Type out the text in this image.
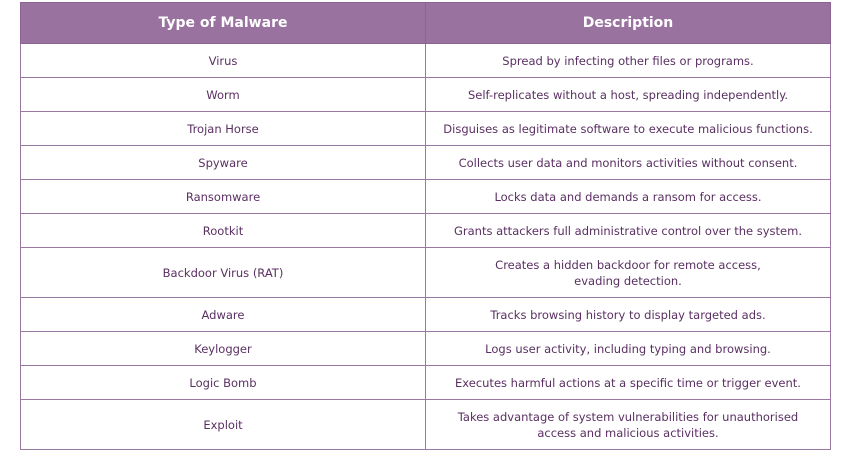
Type of Malware	Description
Virus	Spread by infecting other files or programs.
Worm	Self-replicates without a host, spreading independently.
Trojan Horse	Disguises as legitimate software to execute malicious functions.
Spyware	Collects user data and monitors activities without consent.
Ransomware	Locks data and demands a ransom for access.
Rootkit	Grants attackers full administrative control over the system.
Backdoor Virus (RAT)	Creates a hidden backdoor for remote access, evading detection.
Adware	Tracks browsing history to display targeted ads.
Keylogger	Logs user activity, including typing and browsing.
Logic Bomb	Executes harmful actions at a specific time or trigger event.
Exploit	Takes advantage of system vulnerabilities for unauthorised access and malicious activities.
